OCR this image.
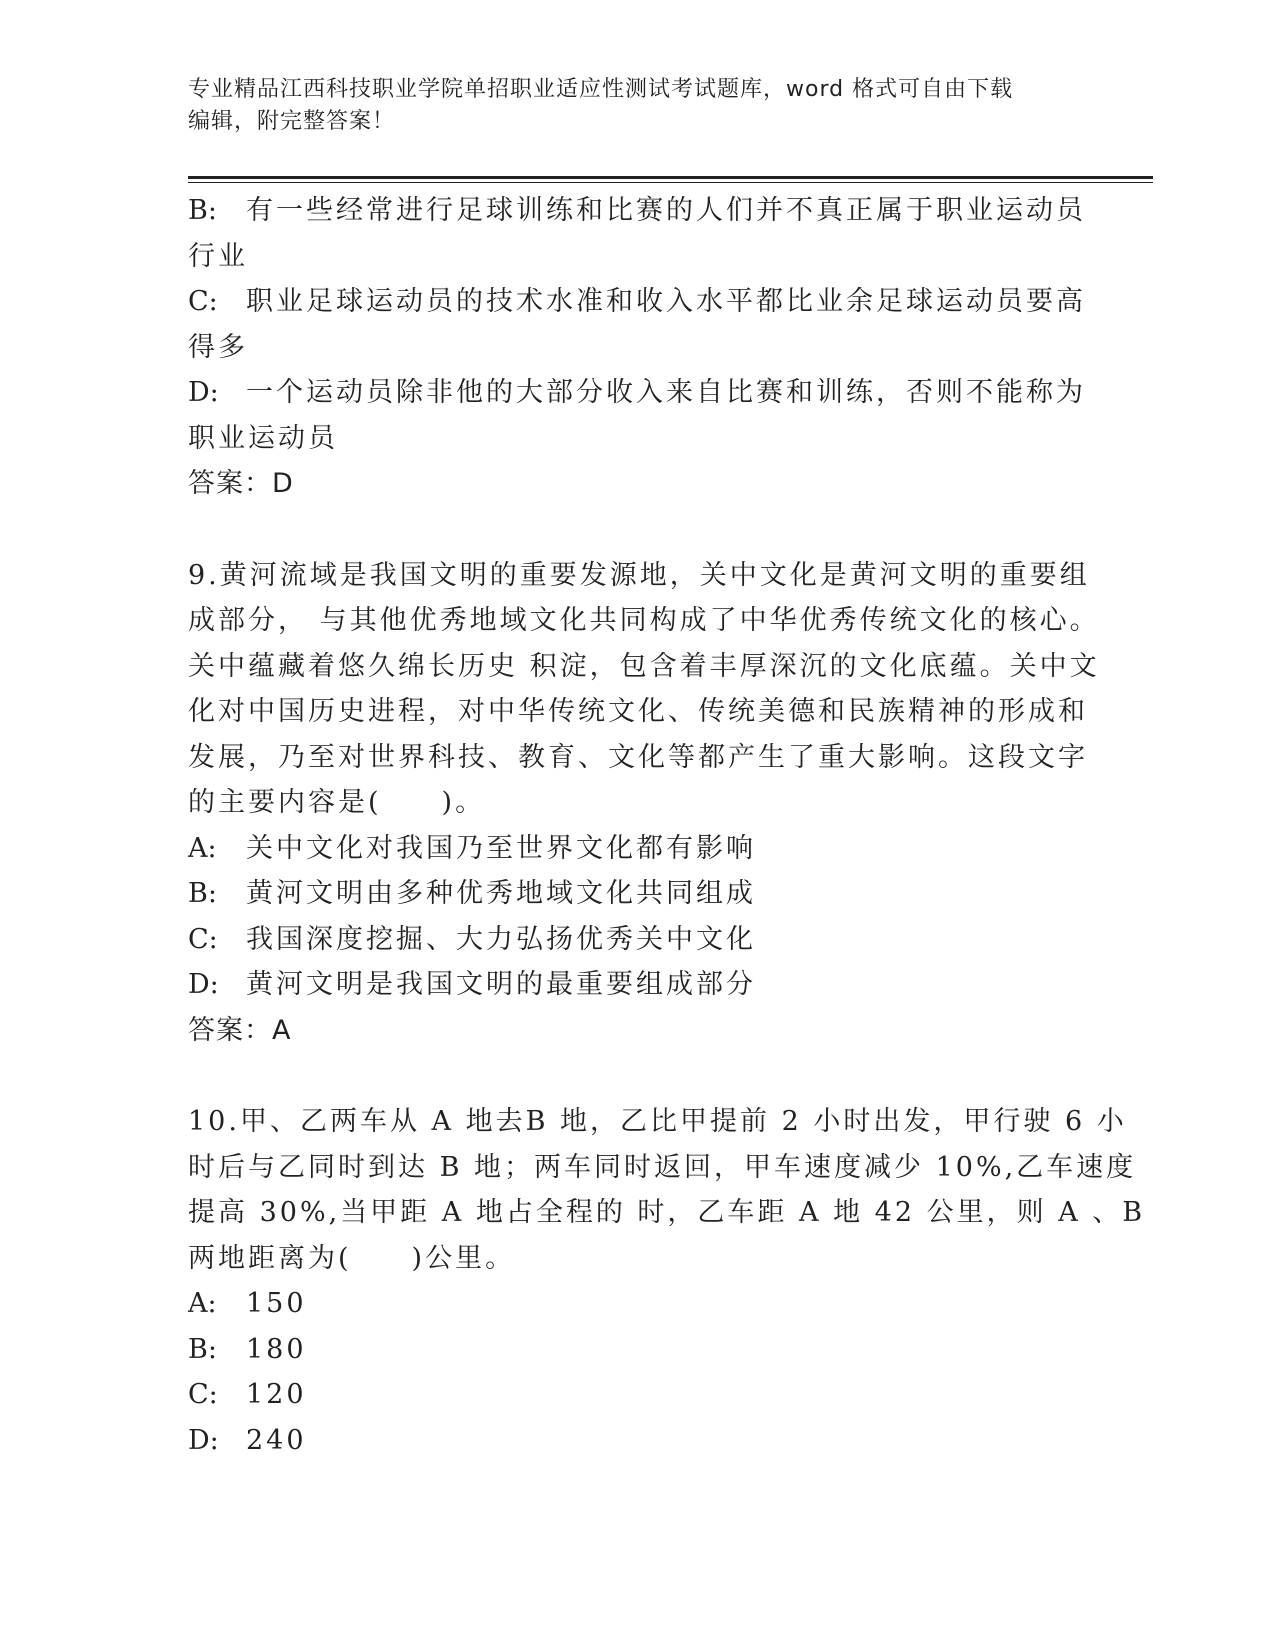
专业精品江西科技职业学院单招职业适应性测试考试题库，word 格式可自由下载
编辑，附完整答案！
B: 有一些经常进行足球训练和比赛的人们并不真正属于职业运动员
行业
C: 职业足球运动员的技术水准和收入水平都比业余足球运动员要高
得多
D: 一个运动员除非他的大部分收入来自比赛和训练，否则不能称为
职业运动员
答案：D
9.黄河流域是我国文明的重要发源地，关中文化是黄河文明的重要组
成部分， 与其他优秀地域文化共同构成了中华优秀传统文化的核心。
关中蕴藏着悠久绵长历史 积淀，包含着丰厚深沉的文化底蕴。关中文
化对中国历史进程，对中华传统文化、传统美德和民族精神的形成和
发展，乃至对世界科技、教育、文化等都产生了重大影响。这段文字
的主要内容是(　　)。
A: 关中文化对我国乃至世界文化都有影响
B: 黄河文明由多种优秀地域文化共同组成
C: 我国深度挖掘、大力弘扬优秀关中文化
D: 黄河文明是我国文明的最重要组成部分
答案：A
10.甲、乙两车从 A 地去B 地，乙比甲提前 2 小时出发，甲行驶 6 小
时后与乙同时到达 B 地；两车同时返回，甲车速度减少 10%,乙车速度
提高 30%,当甲距 A 地占全程的 时，乙车距 A 地 42 公里，则 A 、B
两地距离为(　　)公里。
A: 150
B: 180
C: 120
D: 240
